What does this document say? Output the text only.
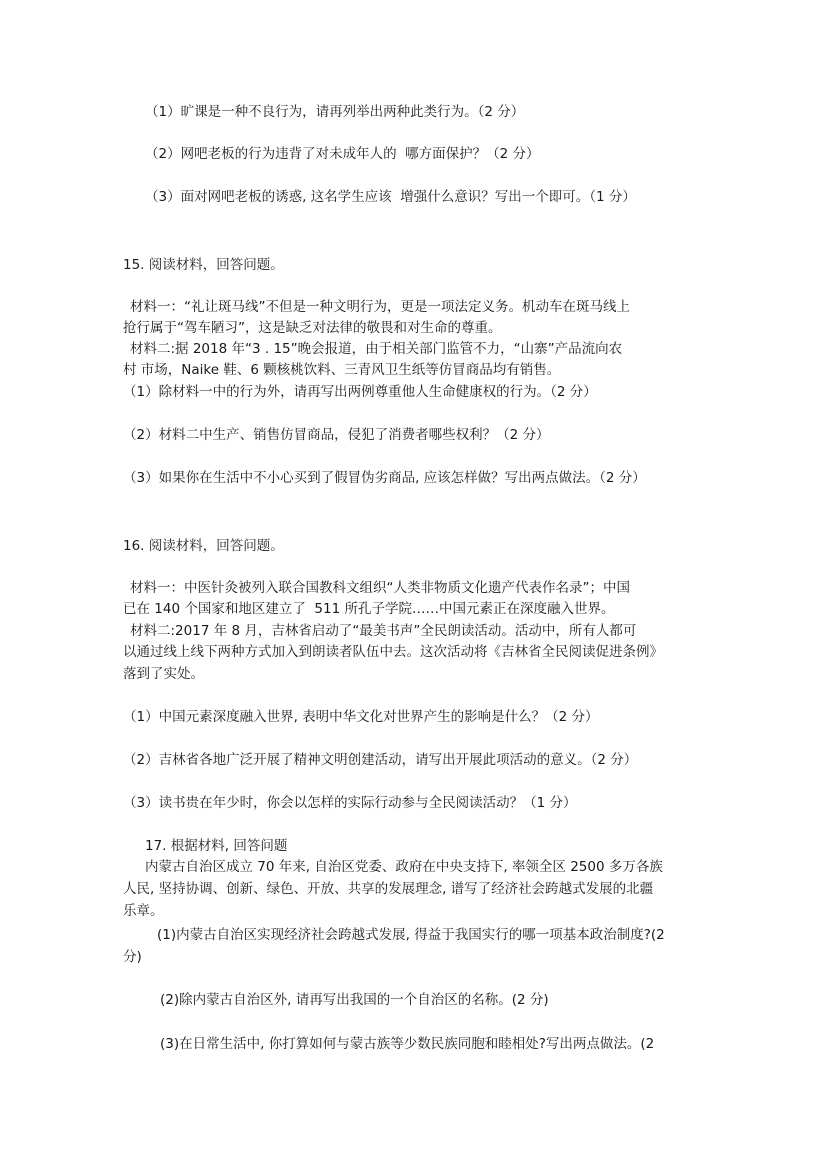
（1）旷课是一种不良行为，请再列举出两种此类行为。（2 分）
（2）网吧老板的行为违背了对未成年人的  哪方面保护？（2 分）
（3）面对网吧老板的诱惑, 这名学生应该  增强什么意识？写出一个即可。（1 分）
15. 阅读材料，回答问题。
材料一：“礼让斑马线”不但是一种文明行为，更是一项法定义务。机动车在斑马线上
抢行属于“驾车陋习”，这是缺乏对法律的敬畏和对生命的尊重。
材料二:据 2018 年“3 . 15”晚会报道，由于相关部门监管不力，“山寨”产品流向农
村 市场，Naike 鞋、6 颗核桃饮料、三青风卫生纸等仿冒商品均有销售。
（1）除材料一中的行为外，请再写出两例尊重他人生命健康权的行为。（2 分）
（2）材料二中生产、销售仿冒商品，侵犯了消费者哪些权利？（2 分）
（3）如果你在生活中不小心买到了假冒伪劣商品, 应该怎样做？写出两点做法。（2 分）
16. 阅读材料，回答问题。
材料一：中医针灸被列入联合国教科文组织“人类非物质文化遗产代表作名录”；中国
已在 140 个国家和地区建立了  511 所孔子学院……中国元素正在深度融入世界。
材料二:2017 年 8 月，吉林省启动了“最美书声”全民朗读活动。活动中，所有人都可
以通过线上线下两种方式加入到朗读者队伍中去。这次活动将《吉林省全民阅读促进条例》
落到了实处。
（1）中国元素深度融入世界, 表明中华文化对世界产生的影响是什么？（2 分）
（2）吉林省各地广泛开展了精神文明创建活动，请写出开展此项活动的意义。（2 分）
（3）读书贵在年少时，你会以怎样的实际行动参与全民阅读活动？（1 分）
17. 根据材料, 回答问题
内蒙古自治区成立 70 年来, 自治区党委、政府在中央支持下, 率领全区 2500 多万各族
人民, 坚持协调、创新、绿色、开放、共享的发展理念, 谱写了经济社会跨越式发展的北疆
乐章。
(1)内蒙古自治区实现经济社会跨越式发展, 得益于我国实行的哪一项基本政治制度?(2
分)
(2)除内蒙古自治区外, 请再写出我国的一个自治区的名称。(2 分)
(3)在日常生活中, 你打算如何与蒙古族等少数民族同胞和睦相处?写出两点做法。(2
